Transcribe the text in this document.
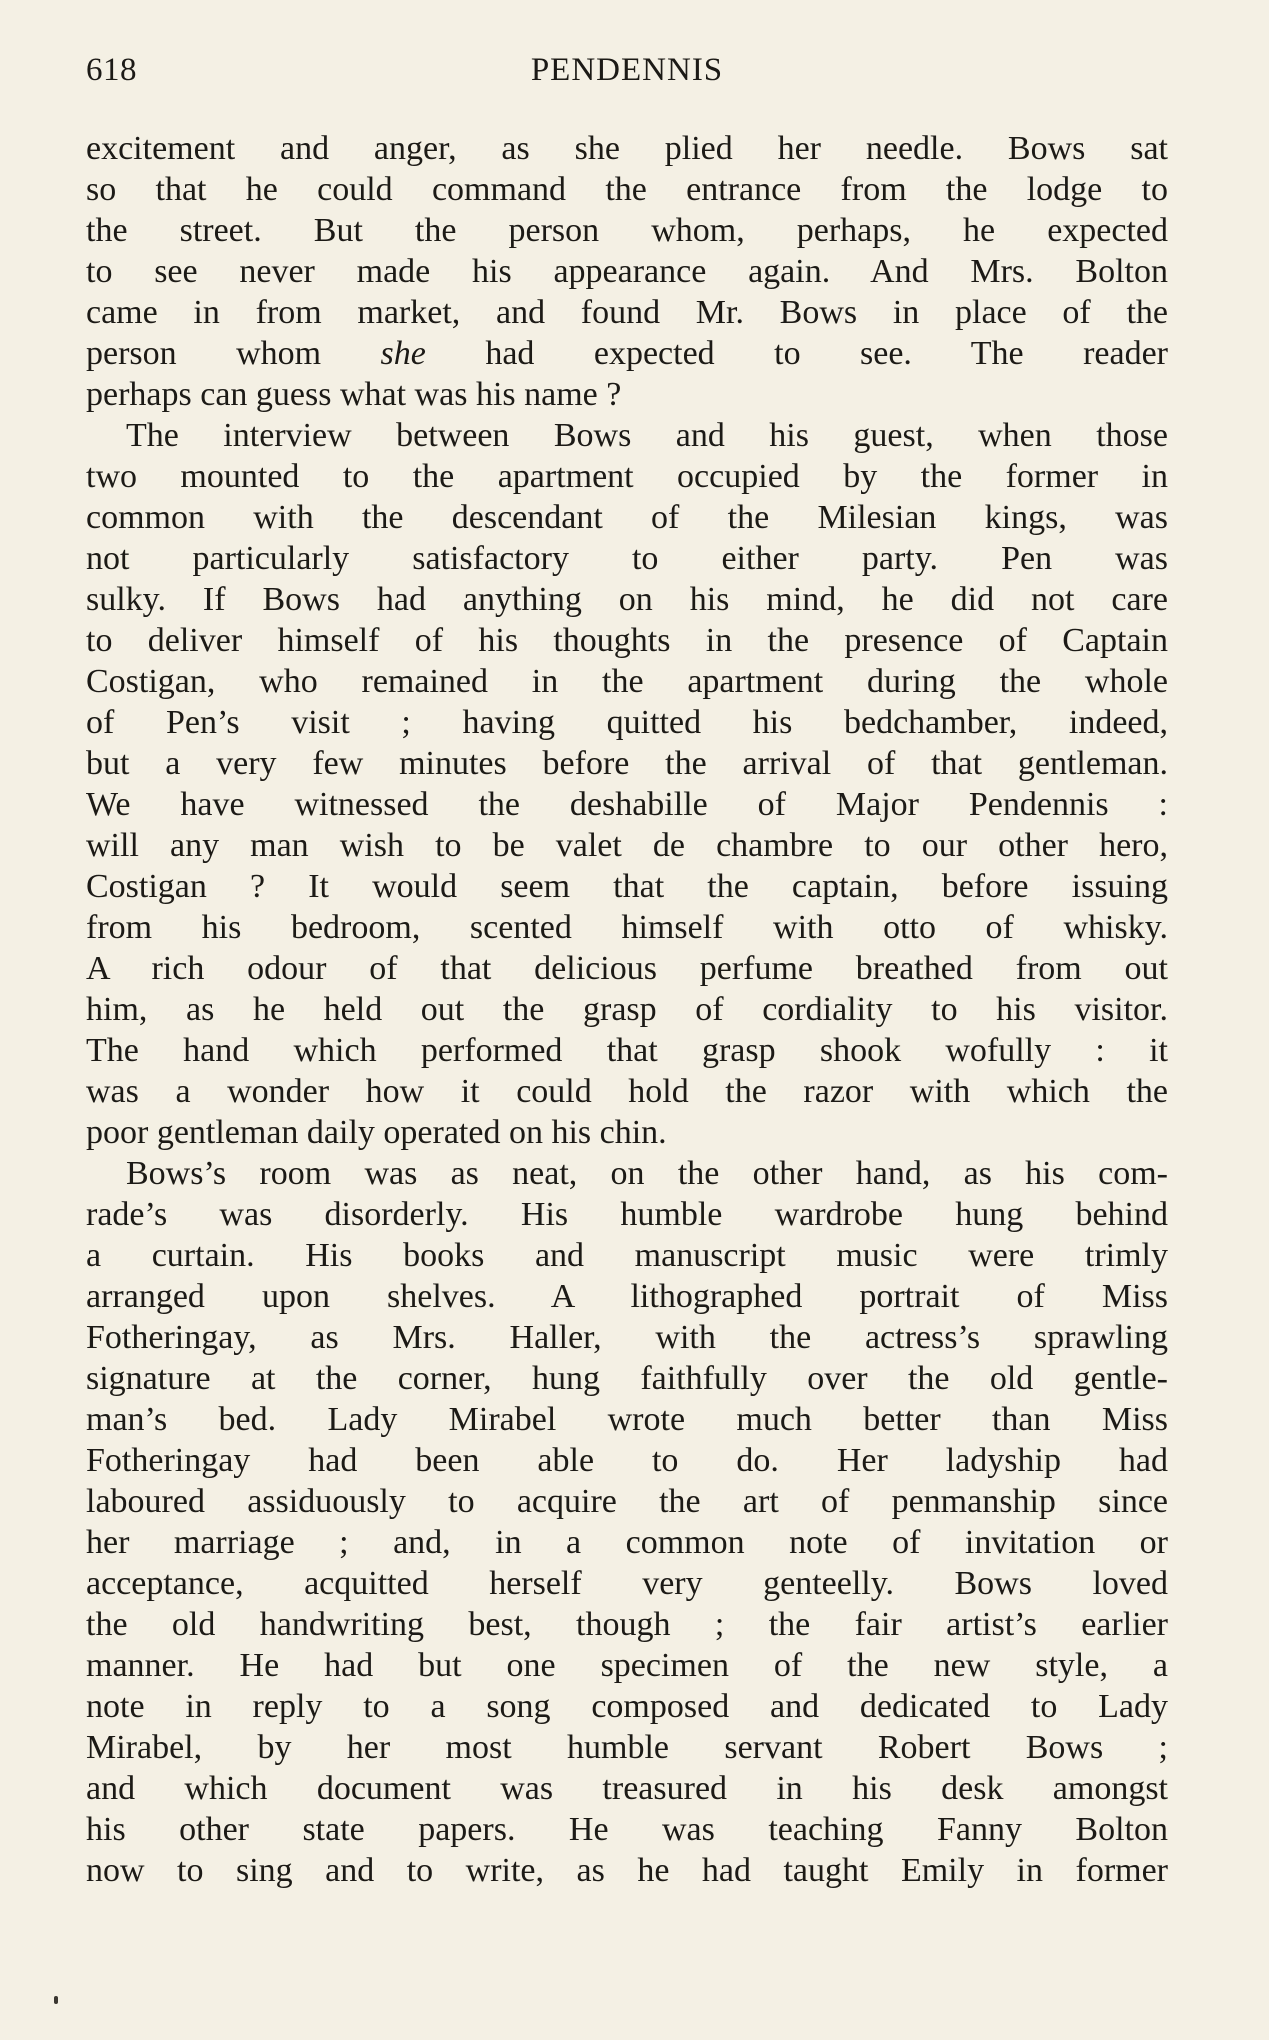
618	PENDENNIS
excitement and anger, as she plied her needle. Bows sat
so that he could command the entrance from the lodge to
the street. But the person whom, perhaps, he expected
to see never made his appearance again. And Mrs. Bolton
came in from market, and found Mr. Bows in place of the
person whom she had expected to see. The reader
perhaps can guess what was his name ?
The interview between Bows and his guest, when those
two mounted to the apartment occupied by the former in
common with the descendant of the Milesian kings, was
not particularly satisfactory to either party. Pen was
sulky. If Bows had anything on his mind, he did not care
to deliver himself of his thoughts in the presence of Captain
Costigan, who remained in the apartment during the whole
of Pen’s visit ; having quitted his bedchamber, indeed,
but a very few minutes before the arrival of that gentleman.
We have witnessed the deshabille of Major Pendennis :
will any man wish to be valet de chambre to our other hero,
Costigan ? It would seem that the captain, before issuing
from his bedroom, scented himself with otto of whisky.
A rich odour of that delicious perfume breathed from out
him, as he held out the grasp of cordiality to his visitor.
The hand which performed that grasp shook wofully : it
was a wonder how it could hold the razor with which the
poor gentleman daily operated on his chin.
Bows’s room was as neat, on the other hand, as his com-
rade’s was disorderly. His humble wardrobe hung behind
a curtain. His books and manuscript music were trimly
arranged upon shelves. A lithographed portrait of Miss
Fotheringay, as Mrs. Haller, with the actress’s sprawling
signature at the corner, hung faithfully over the old gentle-
man’s bed. Lady Mirabel wrote much better than Miss
Fotheringay had been able to do. Her ladyship had
laboured assiduously to acquire the art of penmanship since
her marriage ; and, in a common note of invitation or
acceptance, acquitted herself very genteelly. Bows loved
the old handwriting best, though ; the fair artist’s earlier
manner. He had but one specimen of the new style, a
note in reply to a song composed and dedicated to Lady
Mirabel, by her most humble servant Robert Bows ;
and which document was treasured in his desk amongst
his other state papers. He was teaching Fanny Bolton
now to sing and to write, as he had taught Emily in former
